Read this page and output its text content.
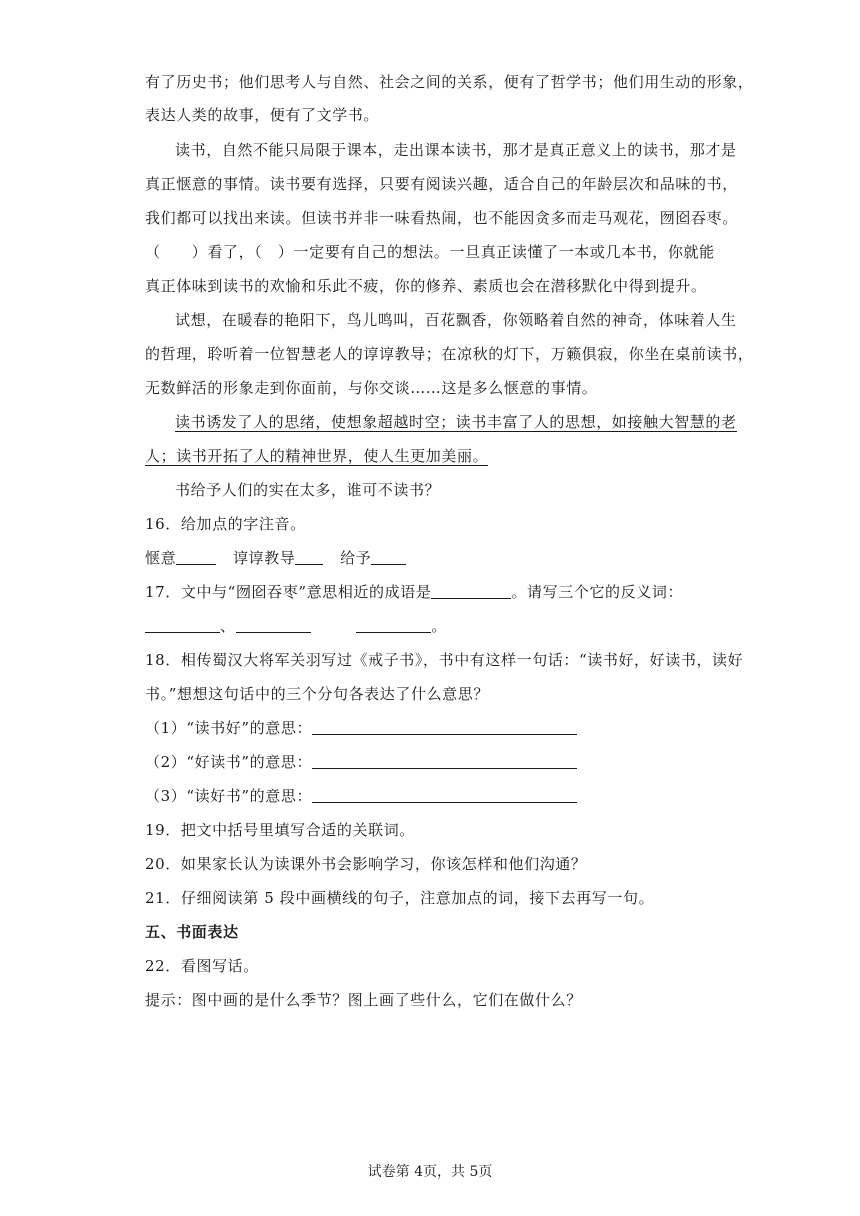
有了历史书；他们思考人与自然、社会之间的关系，便有了哲学书；他们用生动的形象，
表达人类的故事，便有了文学书。
读书，自然不能只局限于课本，走出课本读书，那才是真正意义上的读书，那才是
真正惬意的事情。读书要有选择，只要有阅读兴趣，适合自己的年龄层次和品味的书，
我们都可以找出来读。但读书并非一味看热闹，也不能因贪多而走马观花，囫囵吞枣。
（　　）看了，（　）一定要有自己的想法。一旦真正读懂了一本或几本书，你就能
真正体味到读书的欢愉和乐此不疲，你的修养、素质也会在潜移默化中得到提升。
试想，在暖春的艳阳下，鸟儿鸣叫，百花飘香，你领略着自然的神奇，体味着人生
的哲理，聆听着一位智慧老人的谆谆教导；在凉秋的灯下，万籁俱寂，你坐在桌前读书，
无数鲜活的形象走到你面前，与你交谈……这是多么惬意的事情。
读书诱发了人的思绪，使想象超越时空；读书丰富了人的思想，如接触大智慧的老
人；读书开拓了人的精神世界，使人生更加美丽。
书给予人们的实在太多，谁可不读书？
16．给加点的字注音。
惬意	谆谆教导	给予
17．文中与“囫囵吞枣”意思相近的成语是	。请写三个它的反义词：
、	。
18．相传蜀汉大将军关羽写过《戒子书》，书中有这样一句话：“读书好，好读书，读好
书。”想想这句话中的三个分句各表达了什么意思？
（1）“读书好”的意思：
（2）“好读书”的意思：
（3）“读好书”的意思：
19．把文中括号里填写合适的关联词。
20．如果家长认为读课外书会影响学习，你该怎样和他们沟通？
21．仔细阅读第 5 段中画横线的句子，注意加点的词，接下去再写一句。
五、书面表达
22．看图写话。
提示：图中画的是什么季节？图上画了些什么，它们在做什么？
试卷第 4页，共 5页
